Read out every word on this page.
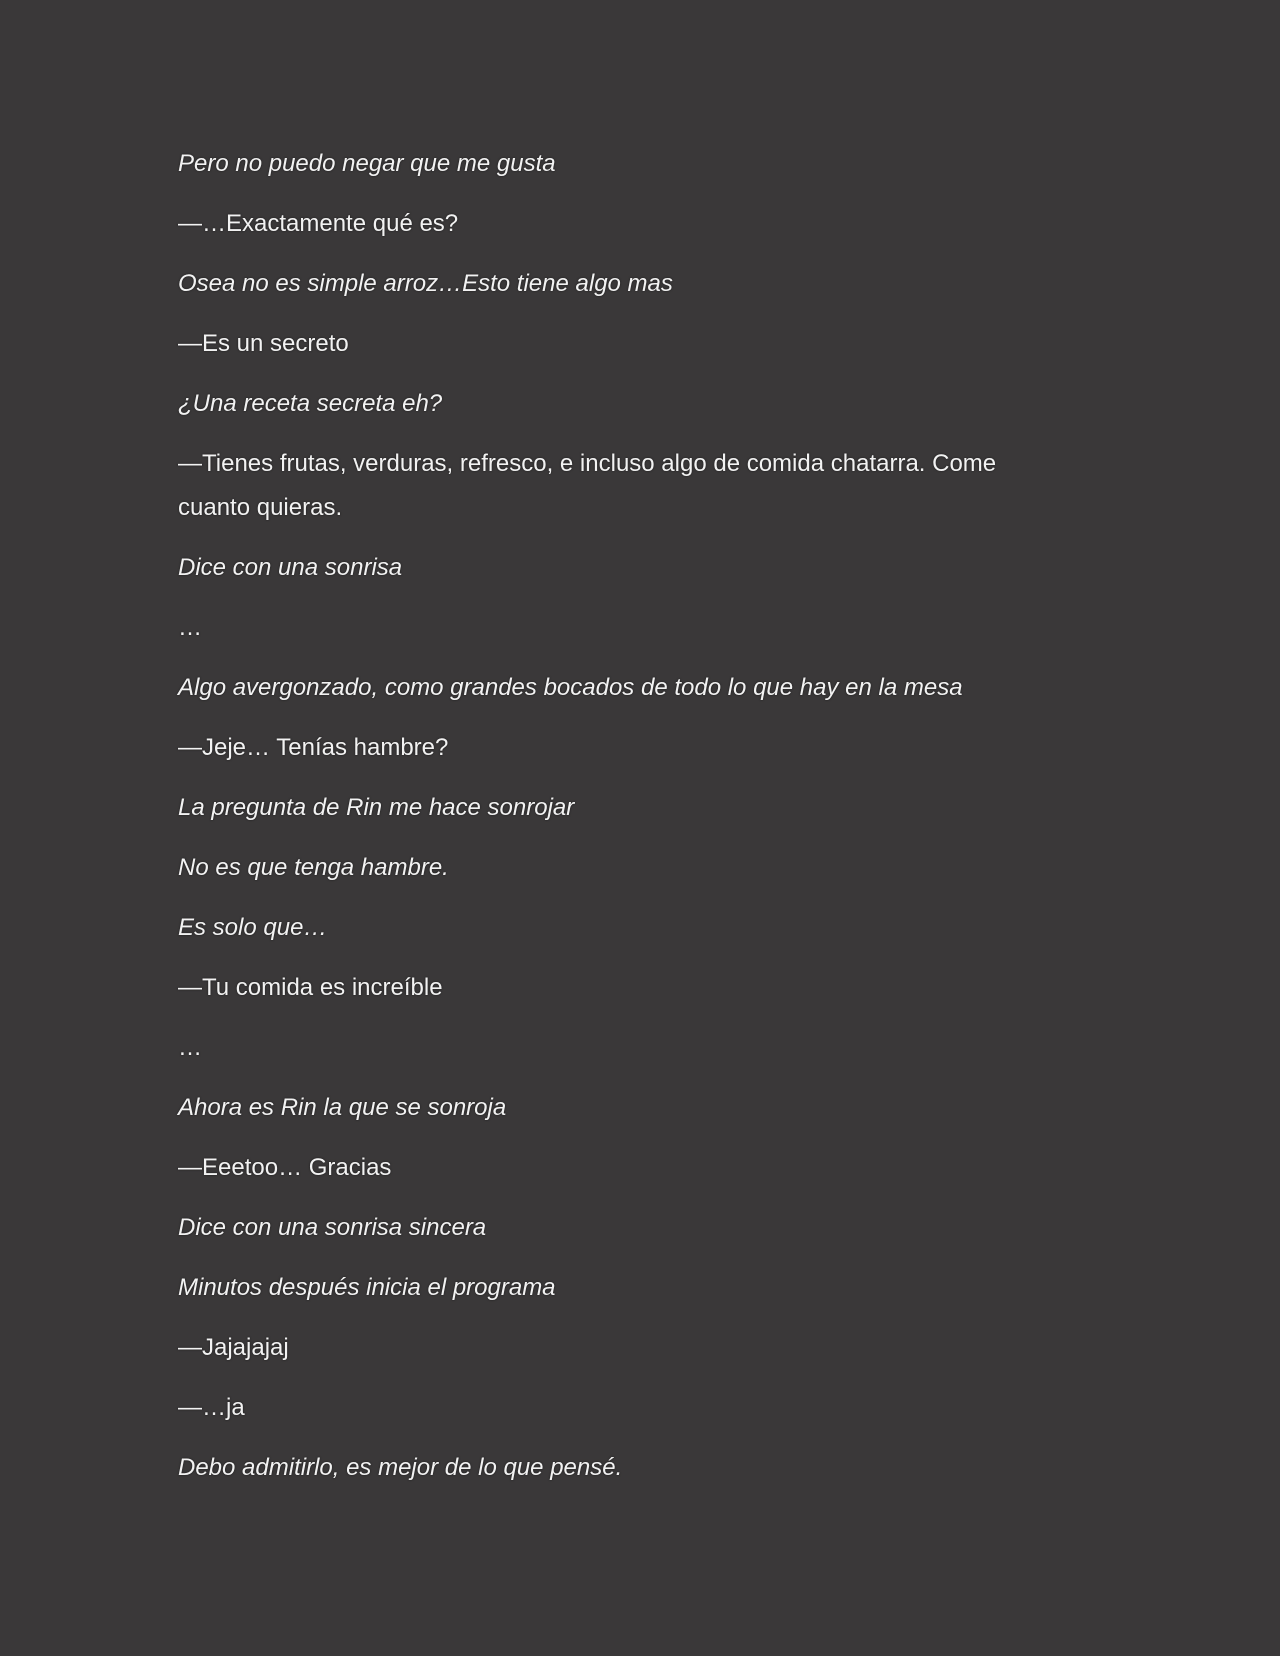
Pero no puedo negar que me gusta

—…Exactamente qué es?

Osea no es simple arroz…Esto tiene algo mas

—Es un secreto

¿Una receta secreta eh?

—Tienes frutas, verduras, refresco, e incluso algo de comida chatarra. Come cuanto quieras.

Dice con una sonrisa

…

Algo avergonzado, como grandes bocados de todo lo que hay en la mesa

—Jeje… Tenías hambre?

La pregunta de Rin me hace sonrojar

No es que tenga hambre.

Es solo que…

—Tu comida es increíble

…

Ahora es Rin la que se sonroja

—Eeetoo… Gracias

Dice con una sonrisa sincera

Minutos después inicia el programa

—Jajajajaj

—…ja

Debo admitirlo, es mejor de lo que pensé.
